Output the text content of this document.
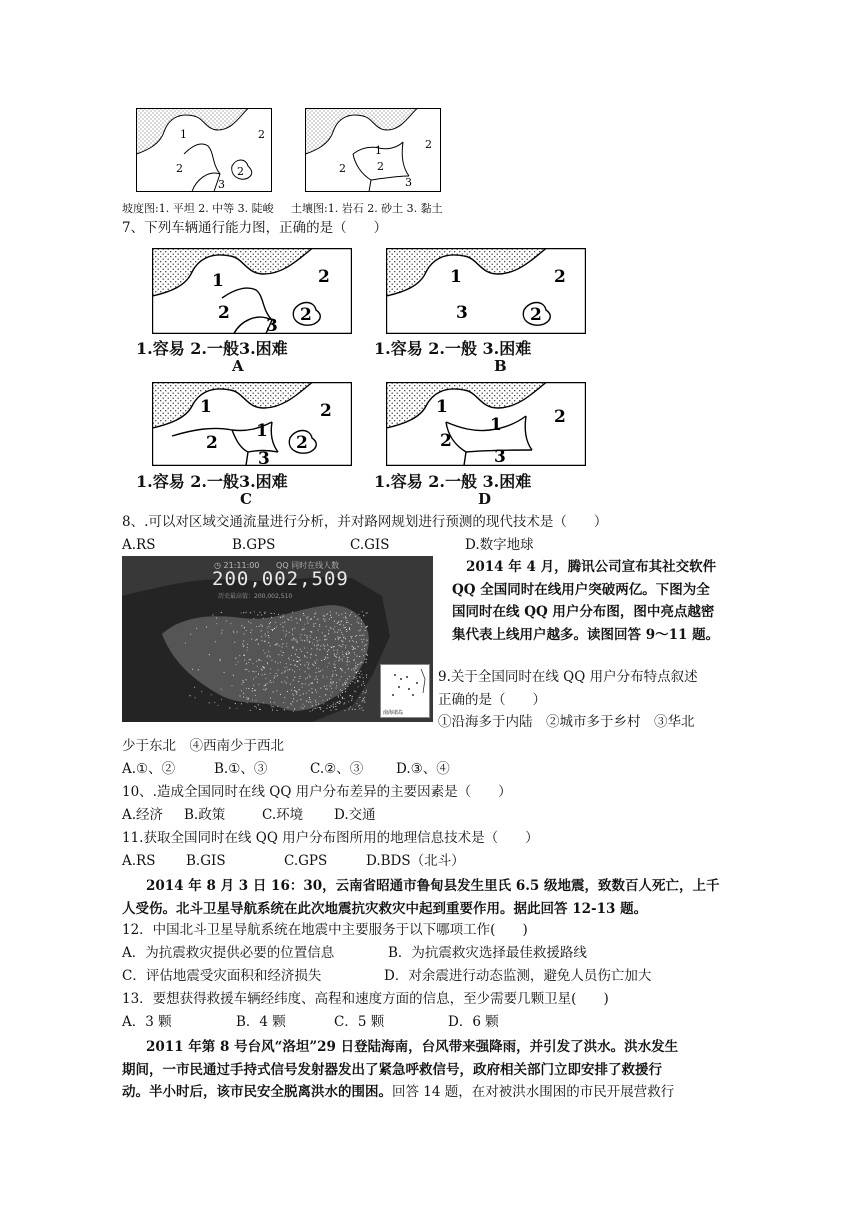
1	2
2
3
2
1	2
2
3
2
坡度图:1. 平坦 2. 中等 3. 陡峻 土壤图:1. 岩石 2. 砂土 3. 黏土
7、下列车辆通行能力图，正确的是（　　）
1	2
2
3
2
1	2
3	2
1.容易 2.一般3.困难	1.容易 2.一般 3.困难
A	B
1	2
1
2
3
2
1	2
1
2
3
1.容易 2.一般3.困难	1.容易 2.一般 3.困难
C	D
8、.可以对区域交通流量进行分析，并对路网规划进行预测的现代技术是（　　）
A.RS	B.GPS	C.GIS	D.数字地球
◷ 21:11:00 QQ 同时在线人数
200,002,509
历史最高值：200,002,510
南海诸岛
2014 年 4 月，腾讯公司宣布其社交软件
QQ 全国同时在线用户突破两亿。下图为全
国同时在线 QQ 用户分布图，图中亮点越密
集代表上线用户越多。读图回答 9～11 题。
9.关于全国同时在线 QQ 用户分布特点叙述
正确的是（　　）
①沿海多于内陆　②城市多于乡村　③华北
少于东北　④西南少于西北
A.①、②	B.①、③	C.②、③ D.③、④
10、.造成全国同时在线 QQ 用户分布差异的主要因素是（　　）
A.经济 B.政策	C.环境 D.交通
11.获取全国同时在线 QQ 用户分布图所用的地理信息技术是（　　）
A.RS B.GIS	C.GPS	D.BDS（北斗）
2014 年 8 月 3 日 16：30，云南省昭通市鲁甸县发生里氏 6.5 级地震，致数百人死亡，上千
人受伤。北斗卫星导航系统在此次地震抗灾救灾中起到重要作用。据此回答 12-13 题。
12．中国北斗卫星导航系统在地震中主要服务于以下哪项工作(　　)
A．为抗震救灾提供必要的位置信息	B．为抗震救灾选择最佳救援路线
C．评估地震受灾面积和经济损失	D．对余震进行动态监测，避免人员伤亡加大
13．要想获得救援车辆经纬度、高程和速度方面的信息，至少需要几颗卫星(　　)
A．3 颗	B．4 颗	C．5 颗	D．6 颗
2011 年第 8 号台风“洛坦”29 日登陆海南，台风带来强降雨，并引发了洪水。洪水发生
期间，一市民通过手持式信号发射器发出了紧急呼救信号，政府相关部门立即安排了救援行
动。半小时后，该市民安全脱离洪水的围困。回答 14 题，在对被洪水围困的市民开展营救行
